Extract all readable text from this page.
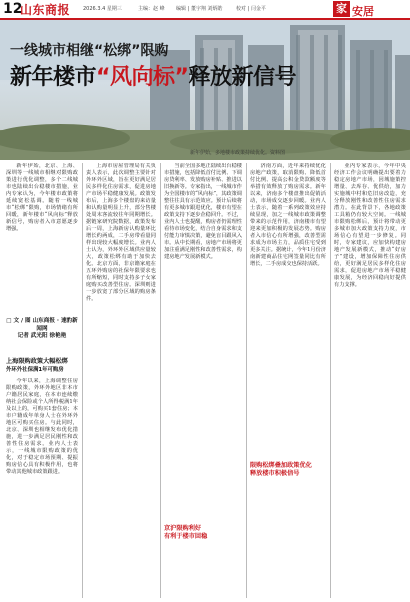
12
山东商报	2026.3.4 星期三	主编：赵 峰 编辑 | 董宇翔 刘炳皓	校对 | 闫金平	家 安居
一线城市相继“松绑”限购
新年楼市“风向标”释放新信号
新年伊始，多地楼市政策持续优化。资料图

新年伊始，北京、上海、深圳等一线城市相继对限购政策进行优化调整，多个二线城市也陆续出台稳楼市措施，业内专家认为，今年楼市政策将延续宽松基调。随着一线城市“松绑”限购，市场情绪有所回暖，新年楼市“风向标”释放新信号，购房者入市意愿逐步增强。

□ 文 / 图 山东商报 · 速豹新闻网
记者 武光阳 徐艳艳
上海限购政策大幅松绑
外环外社保满1年可购房

今年以来，上海调整住房限购政策，外环外地区非本市户籍居民家庭，在本市连续缴纳社会保险或个人所得税满1年及以上的，可购买1套住房；本市户籍成年单身人士在外环外地区可购买住房。与此同时，北京、深圳也相继发布优化措施，进一步满足居民刚性和改善性住房需求。业内人士表示，一线城市限购政策的优化，对于稳定市场预期、提振购房信心具有积极作用，也将带动其他城市政策跟进。

上海市房屋管理局有关负责人表示，此次调整主要针对外环外区域，旨在更好满足居民多样化住房需求，促进房地产市场平稳健康发展。政策发布后，上海多个楼盘的来访量和认购量明显上升，部分售楼处周末客流较往年同期增长。据链家研究院数据，政策发布后一周，上海新房认购量环比增长约两成，二手房带看量同样出现较大幅度增长。业内人士认为，外环外区域供应量较大，政策松绑有助于加快去化。北京方面，非京籍家庭在五环外购房的社保年限要求也有所缩短，同时支持多子女家庭购买改善型住房。深圳则进一步放宽了部分区域的购房条件。

当前全国多地正陆续出台稳楼市措施，包括降低首付比例、下调房贷利率、发放购房补贴、推进以旧换新等。专家指出，一线城市作为全国楼市的“风向标”，其政策调整往往具有示范效应。预计后续将有更多城市跟进优化，楼市有望在政策支持下逐步企稳回升。不过，业内人士也提醒，购房者仍需理性看待市场变化，结合自身需求和支付能力审慎决策，避免盲目跟风入市。从中长期看，房地产市场将更加注重满足刚性和改善性需求，构建房地产发展新模式。

京沪限购利好
有利于楼市回稳

济南方面，近年来持续优化房地产政策，取消限购、降低首付比例、提高公积金贷款额度等举措有效释放了购房需求。新年以来，济南多个楼盘推出促销活动，市场成交逐步回暖。业内人士表示，随着一系列政策效应持续显现，加之一线城市政策调整带来的示范作用，济南楼市有望迎来更加积极的发展态势。购房者入市信心有所增强，改善型需求成为市场主力，品质住宅受到更多关注。据统计，今年1月份济南新建商品住宅网签量同比有所增长，二手房成交也保持活跃。

限购松绑叠加政策优化
释放楼市积极信号

业内专家表示，今年中央经济工作会议明确提出要着力稳定房地产市场，因城施策控增量、去库存、优供给，加力实施城中村和危旧房改造，充分释放刚性和改善性住房需求潜力。在此背景下，各地政策工具箱仍有较大空间。一线城市限购松绑后，预计将带动更多城市加大政策支持力度，市场信心有望进一步修复。同时，专家建议，应加快构建房地产发展新模式，推动“好房子”建设，增加保障性住房供给，更好满足居民多样化住房需求，促进房地产市场平稳健康发展，为经济回稳向好提供有力支撑。
